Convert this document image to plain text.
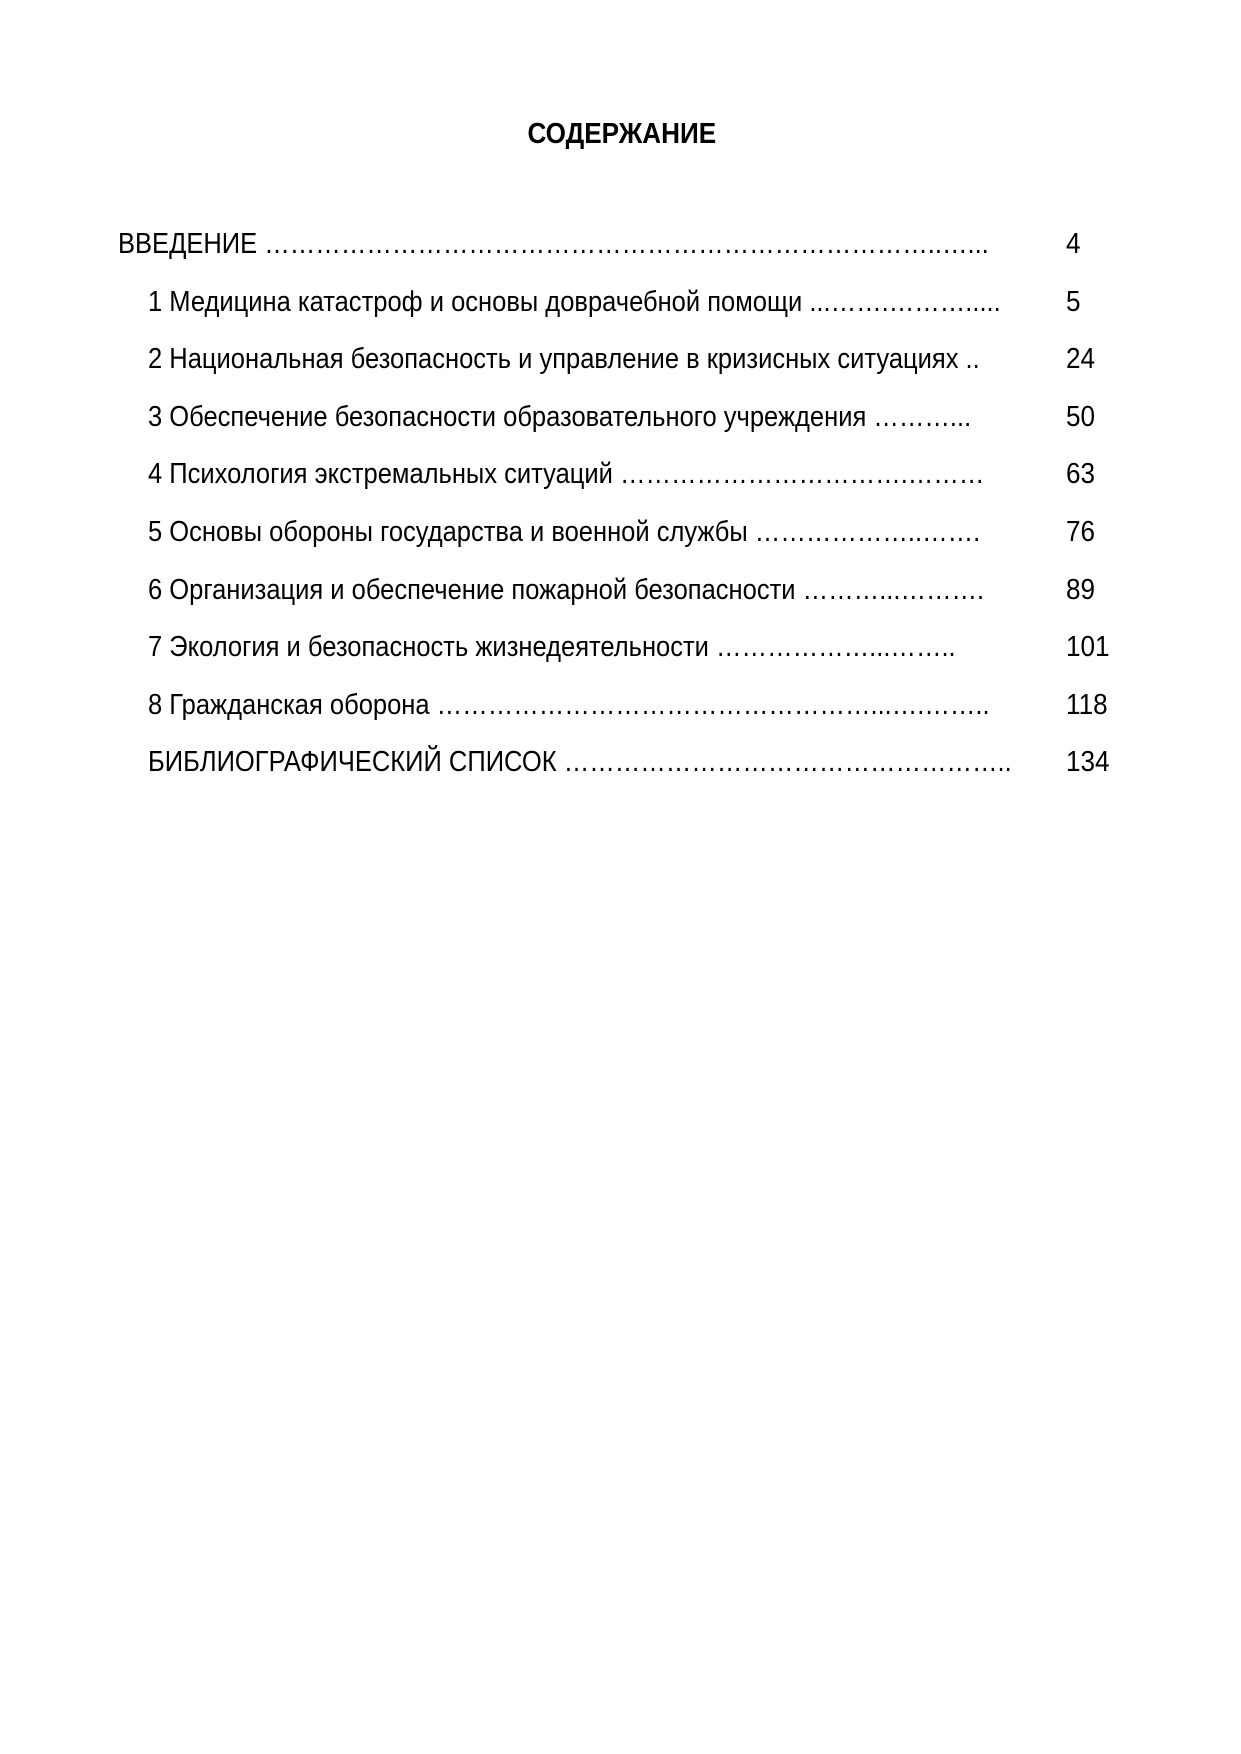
СОДЕРЖАНИЕ
ВВЕДЕНИЕ ……………………………………………………………………..…...	4
1 Медицина катастроф и основы доврачебной помощи ...…….………..... 5
2 Национальная безопасность и управление в кризисных ситуациях ..	24
3 Обеспечение безопасности образовательного учреждения ………...	50
4 Психология экстремальных ситуаций …………………………….………	63
5 Основы обороны государства и военной службы ………………..…….	76
6 Организация и обеспечение пожарной безопасности ………...……….	89
7 Экология и безопасность жизнедеятельности ………………...……..	101
8 Гражданская оборона ……………………………………………...….……..	118
БИБЛИОГРАФИЧЕСКИЙ СПИСОК …………………………………………….. 134
